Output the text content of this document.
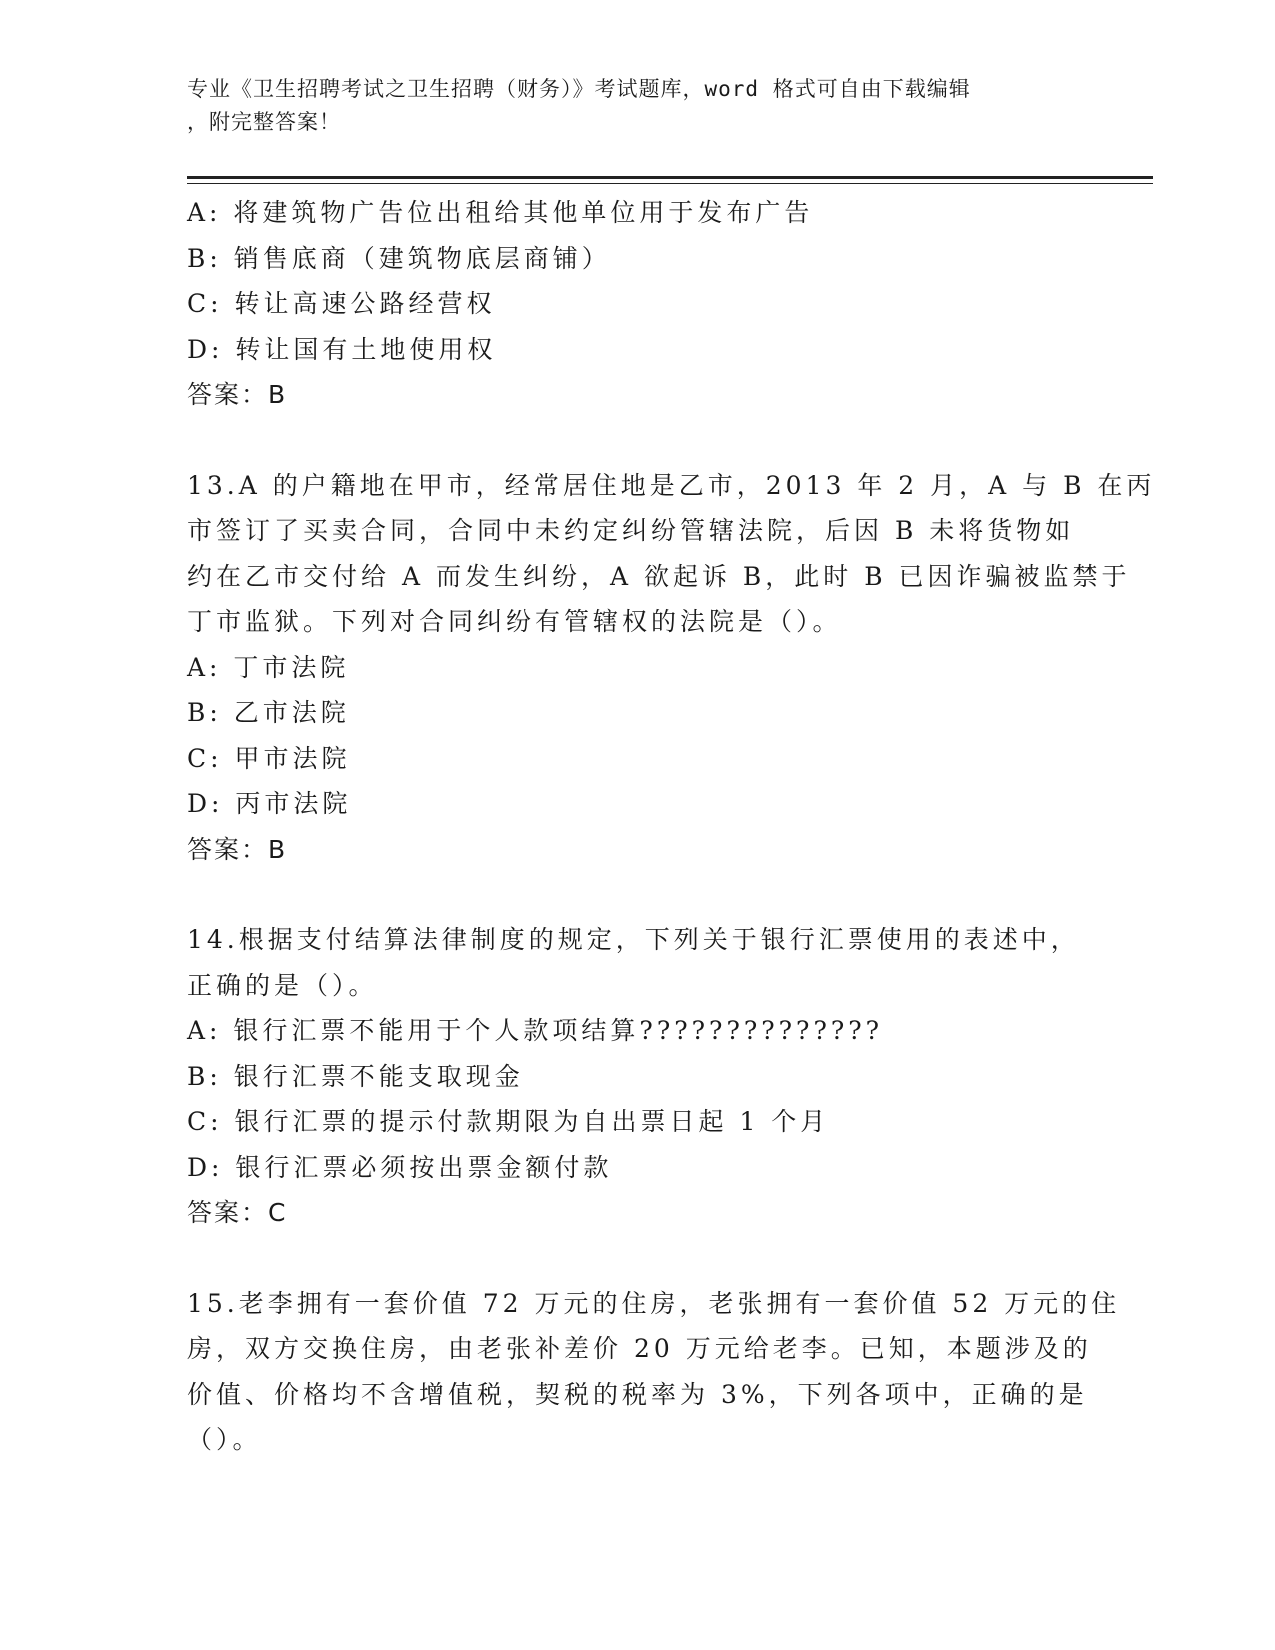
专业《卫生招聘考试之卫生招聘（财务）》考试题库，word 格式可自由下载编辑
，附完整答案！
A: 将建筑物广告位出租给其他单位用于发布广告
B: 销售底商（建筑物底层商铺）
C: 转让高速公路经营权
D: 转让国有土地使用权
答案：B
13.A 的户籍地在甲市，经常居住地是乙市，2013 年 2 月，A 与 B 在丙
市签订了买卖合同，合同中未约定纠纷管辖法院，后因 B 未将货物如
约在乙市交付给 A 而发生纠纷，A 欲起诉 B，此时 B 已因诈骗被监禁于
丁市监狱。下列对合同纠纷有管辖权的法院是（）。
A: 丁市法院
B: 乙市法院
C: 甲市法院
D: 丙市法院
答案：B
14.根据支付结算法律制度的规定，下列关于银行汇票使用的表述中，
正确的是（）。
A: 银行汇票不能用于个人款项结算??????????????
B: 银行汇票不能支取现金
C: 银行汇票的提示付款期限为自出票日起 1 个月
D: 银行汇票必须按出票金额付款
答案：C
15.老李拥有一套价值 72 万元的住房，老张拥有一套价值 52 万元的住
房，双方交换住房，由老张补差价 20 万元给老李。已知，本题涉及的
价值、价格均不含增值税，契税的税率为 3%，下列各项中，正确的是
（）。
